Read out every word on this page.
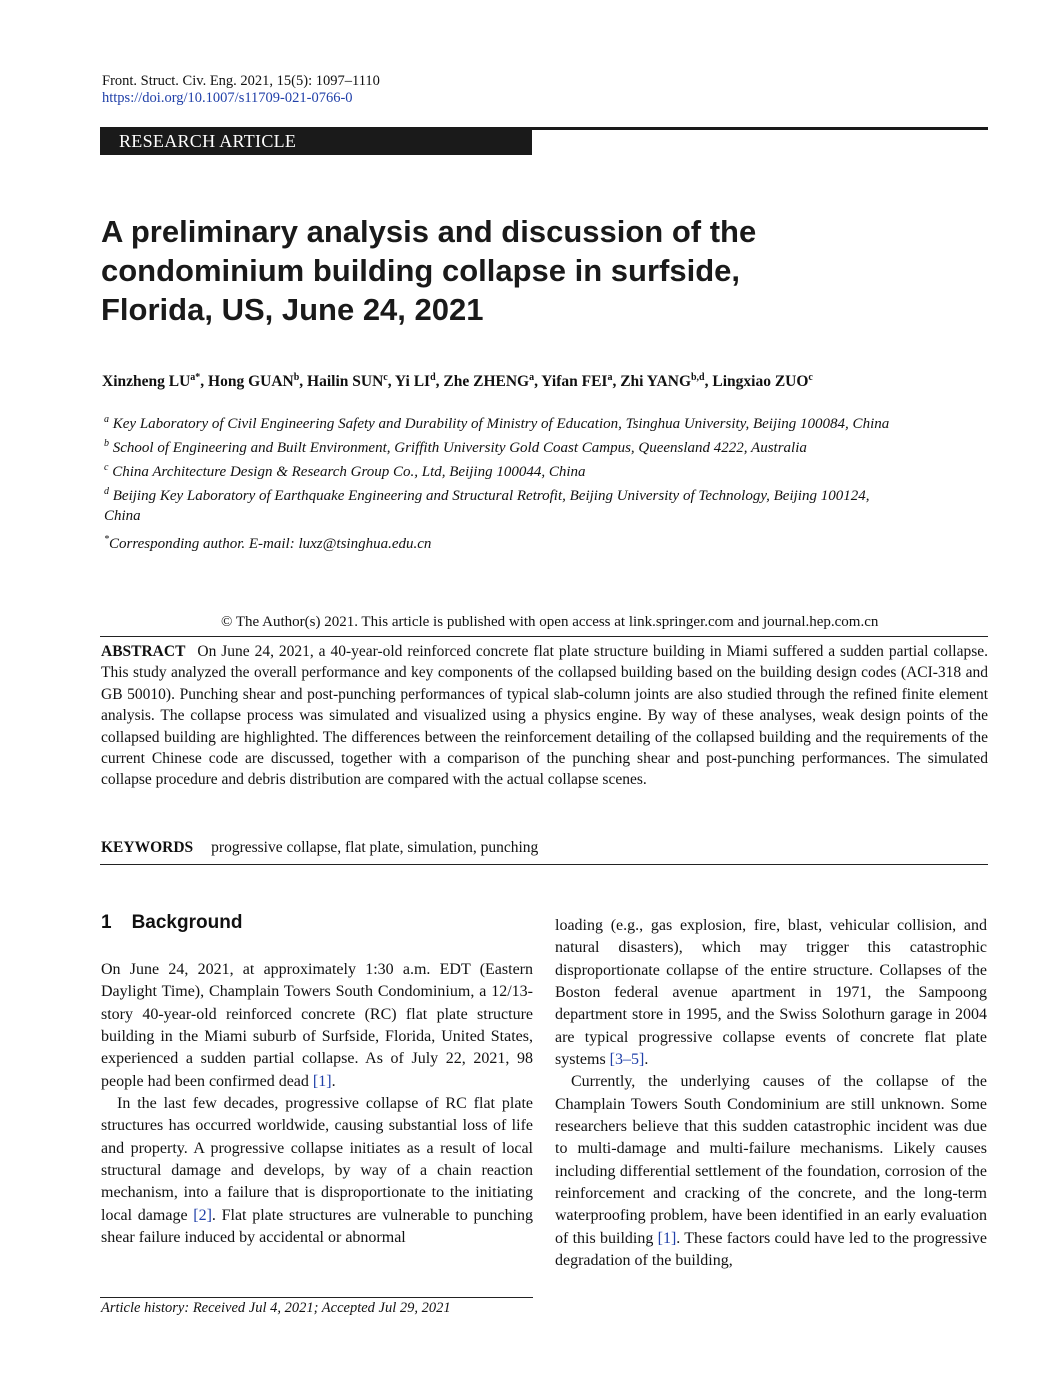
Front. Struct. Civ. Eng. 2021, 15(5): 1097–1110
https://doi.org/10.1007/s11709-021-0766-0
RESEARCH ARTICLE
A preliminary analysis and discussion of the
condominium building collapse in surfside,
Florida, US, June 24, 2021
Xinzheng $LU^{a*}$, Hong GUAN$^b$, Hailin SUN$^c$, Yi $LI^d$, Zhe ZHENG$^a$, Yifan FEI$^a$, Zhi YANG$^{b,d}$, Lingxiao ZUO$^c$
$^a$ Key Laboratory of Civil Engineering Safety and Durability of Ministry of Education, Tsinghua University, Beijing 100084, China
$^b$ School of Engineering and Built Environment, Griffith University Gold Coast Campus, Queensland 4222, Australia
$^c$ China Architecture Design & Research Group Co., Ltd, Beijing 100044, China
$^d$ Beijing Key Laboratory of Earthquake Engineering and Structural Retrofit, Beijing University of Technology, Beijing 100124,
China
*Corresponding author. E-mail: luxz@tsinghua.edu.cn
© The Author(s) 2021. This article is published with open access at link.springer.com and journal.hep.com.cn
ABSTRACT On June 24, 2021, a 40-year-old reinforced concrete flat plate structure building in Miami suffered a sudden partial collapse. This study analyzed the overall performance and key components of the collapsed building based on the building design codes (ACI-318 and GB 50010). Punching shear and post-punching performances of typical slab-column joints are also studied through the refined finite element analysis. The collapse process was simulated and visualized using a physics engine. By way of these analyses, weak design points of the collapsed building are highlighted. The differences between the reinforcement detailing of the collapsed building and the requirements of the current Chinese code are discussed, together with a comparison of the punching shear and post-punching performances. The simulated collapse procedure and debris distribution are compared with the actual collapse scenes.
KEYWORDS progressive collapse, flat plate, simulation, punching
1 Background

On June 24, 2021, at approximately 1:30 a.m. EDT (Eastern Daylight Time), Champlain Towers South Condominium, a 12/13-story 40-year-old reinforced concrete (RC) flat plate structure building in the Miami suburb of Surfside, Florida, United States, experienced a sudden partial collapse. As of July 22, 2021, 98 people had been confirmed dead [1].

In the last few decades, progressive collapse of RC flat plate structures has occurred worldwide, causing substantial loss of life and property. A progressive collapse initiates as a result of local structural damage and develops, by way of a chain reaction mechanism, into a failure that is disproportionate to the initiating local damage [2]. Flat plate structures are vulnerable to punching shear failure induced by accidental or abnormal

loading (e.g., gas explosion, fire, blast, vehicular collision, and natural disasters), which may trigger this catastrophic disproportionate collapse of the entire structure. Collapses of the Boston federal avenue apartment in 1971, the Sampoong department store in 1995, and the Swiss Solothurn garage in 2004 are typical progressive collapse events of concrete flat plate systems [3–5].

Currently, the underlying causes of the collapse of the Champlain Towers South Condominium are still unknown. Some researchers believe that this sudden catastrophic incident was due to multi-damage and multi-failure mechanisms. Likely causes including differential settlement of the foundation, corrosion of the reinforcement and cracking of the concrete, and the long-term waterproofing problem, have been identified in an early evaluation of this building [1]. These factors could have led to the progressive degradation of the building,

Article history: Received Jul 4, 2021; Accepted Jul 29, 2021
